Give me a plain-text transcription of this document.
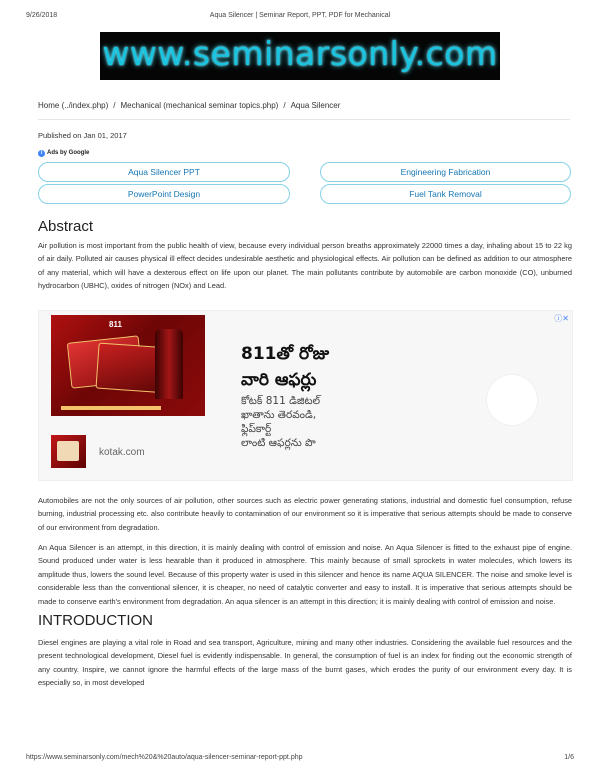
9/26/2018	Aqua Silencer | Seminar Report, PPT, PDF for Mechanical
www.seminarsonly.com
Home (../index.php) / Mechanical (mechanical seminar topics.php) / Aqua Silencer
Published on Jan 01, 2017
i Ads by Google
Aqua Silencer PPT	Engineering Fabrication
PowerPoint Design	Fuel Tank Removal
Abstract
Air pollution is most important from the public health of view, because every individual person breaths approximately 22000 times a day, inhaling about 15 to 22 kg of air daily. Polluted air causes physical ill effect decides undesirable aesthetic and physiological effects. Air pollution can be defined as addition to our atmosphere of any material, which will have a dexterous effect on life upon our planet. The main pollutants contribute by automobile are carbon monoxide (CO), unburned hydrocarbon (UBHC), oxides of nitrogen (NOx) and Lead.
ⓘ✕
811
811తో రోజు
వారి ఆఫర్లు
కోటక్ 811 డిజిటల్
ఖాతాను తెరవండి,
ఫ్లిప్‌కార్ట్
లాంటి ఆఫర్లను పొ
kotak.com
Automobiles are not the only sources of air pollution, other sources such as electric power generating stations, industrial and domestic fuel consumption, refuse burning, industrial processing etc. also contribute heavily to contamination of our environment so it is imperative that serious attempts should be made to conserve of our environment from degradation.
An Aqua Silencer is an attempt, in this direction, it is mainly dealing with control of emission and noise. An Aqua Silencer is fitted to the exhaust pipe of engine. Sound produced under water is less hearable than it produced in atmosphere. This mainly because of small sprockets in water molecules, which lowers its amplitude thus, lowers the sound level. Because of this property water is used in this silencer and hence its name AQUA SILENCER. The noise and smoke level is considerable less than the conventional silencer, it is cheaper, no need of catalytic converter and easy to install. It is imperative that serious attempts should be made to conserve earth's environment from degradation. An aqua silencer is an attempt in this direction; it is mainly dealing with control of emission and noise.
INTRODUCTION
Diesel engines are playing a vital role in Road and sea transport, Agriculture, mining and many other industries. Considering the available fuel resources and the present technological development, Diesel fuel is evidently indispensable. In general, the consumption of fuel is an index for finding out the economic strength of any country. Inspire, we cannot ignore the harmful effects of the large mass of the burnt gases, which erodes the purity of our environment every day. It is especially so, in most developed
https://www.seminarsonly.com/mech%20&%20auto/aqua-silencer-seminar-report-ppt.php	1/6
